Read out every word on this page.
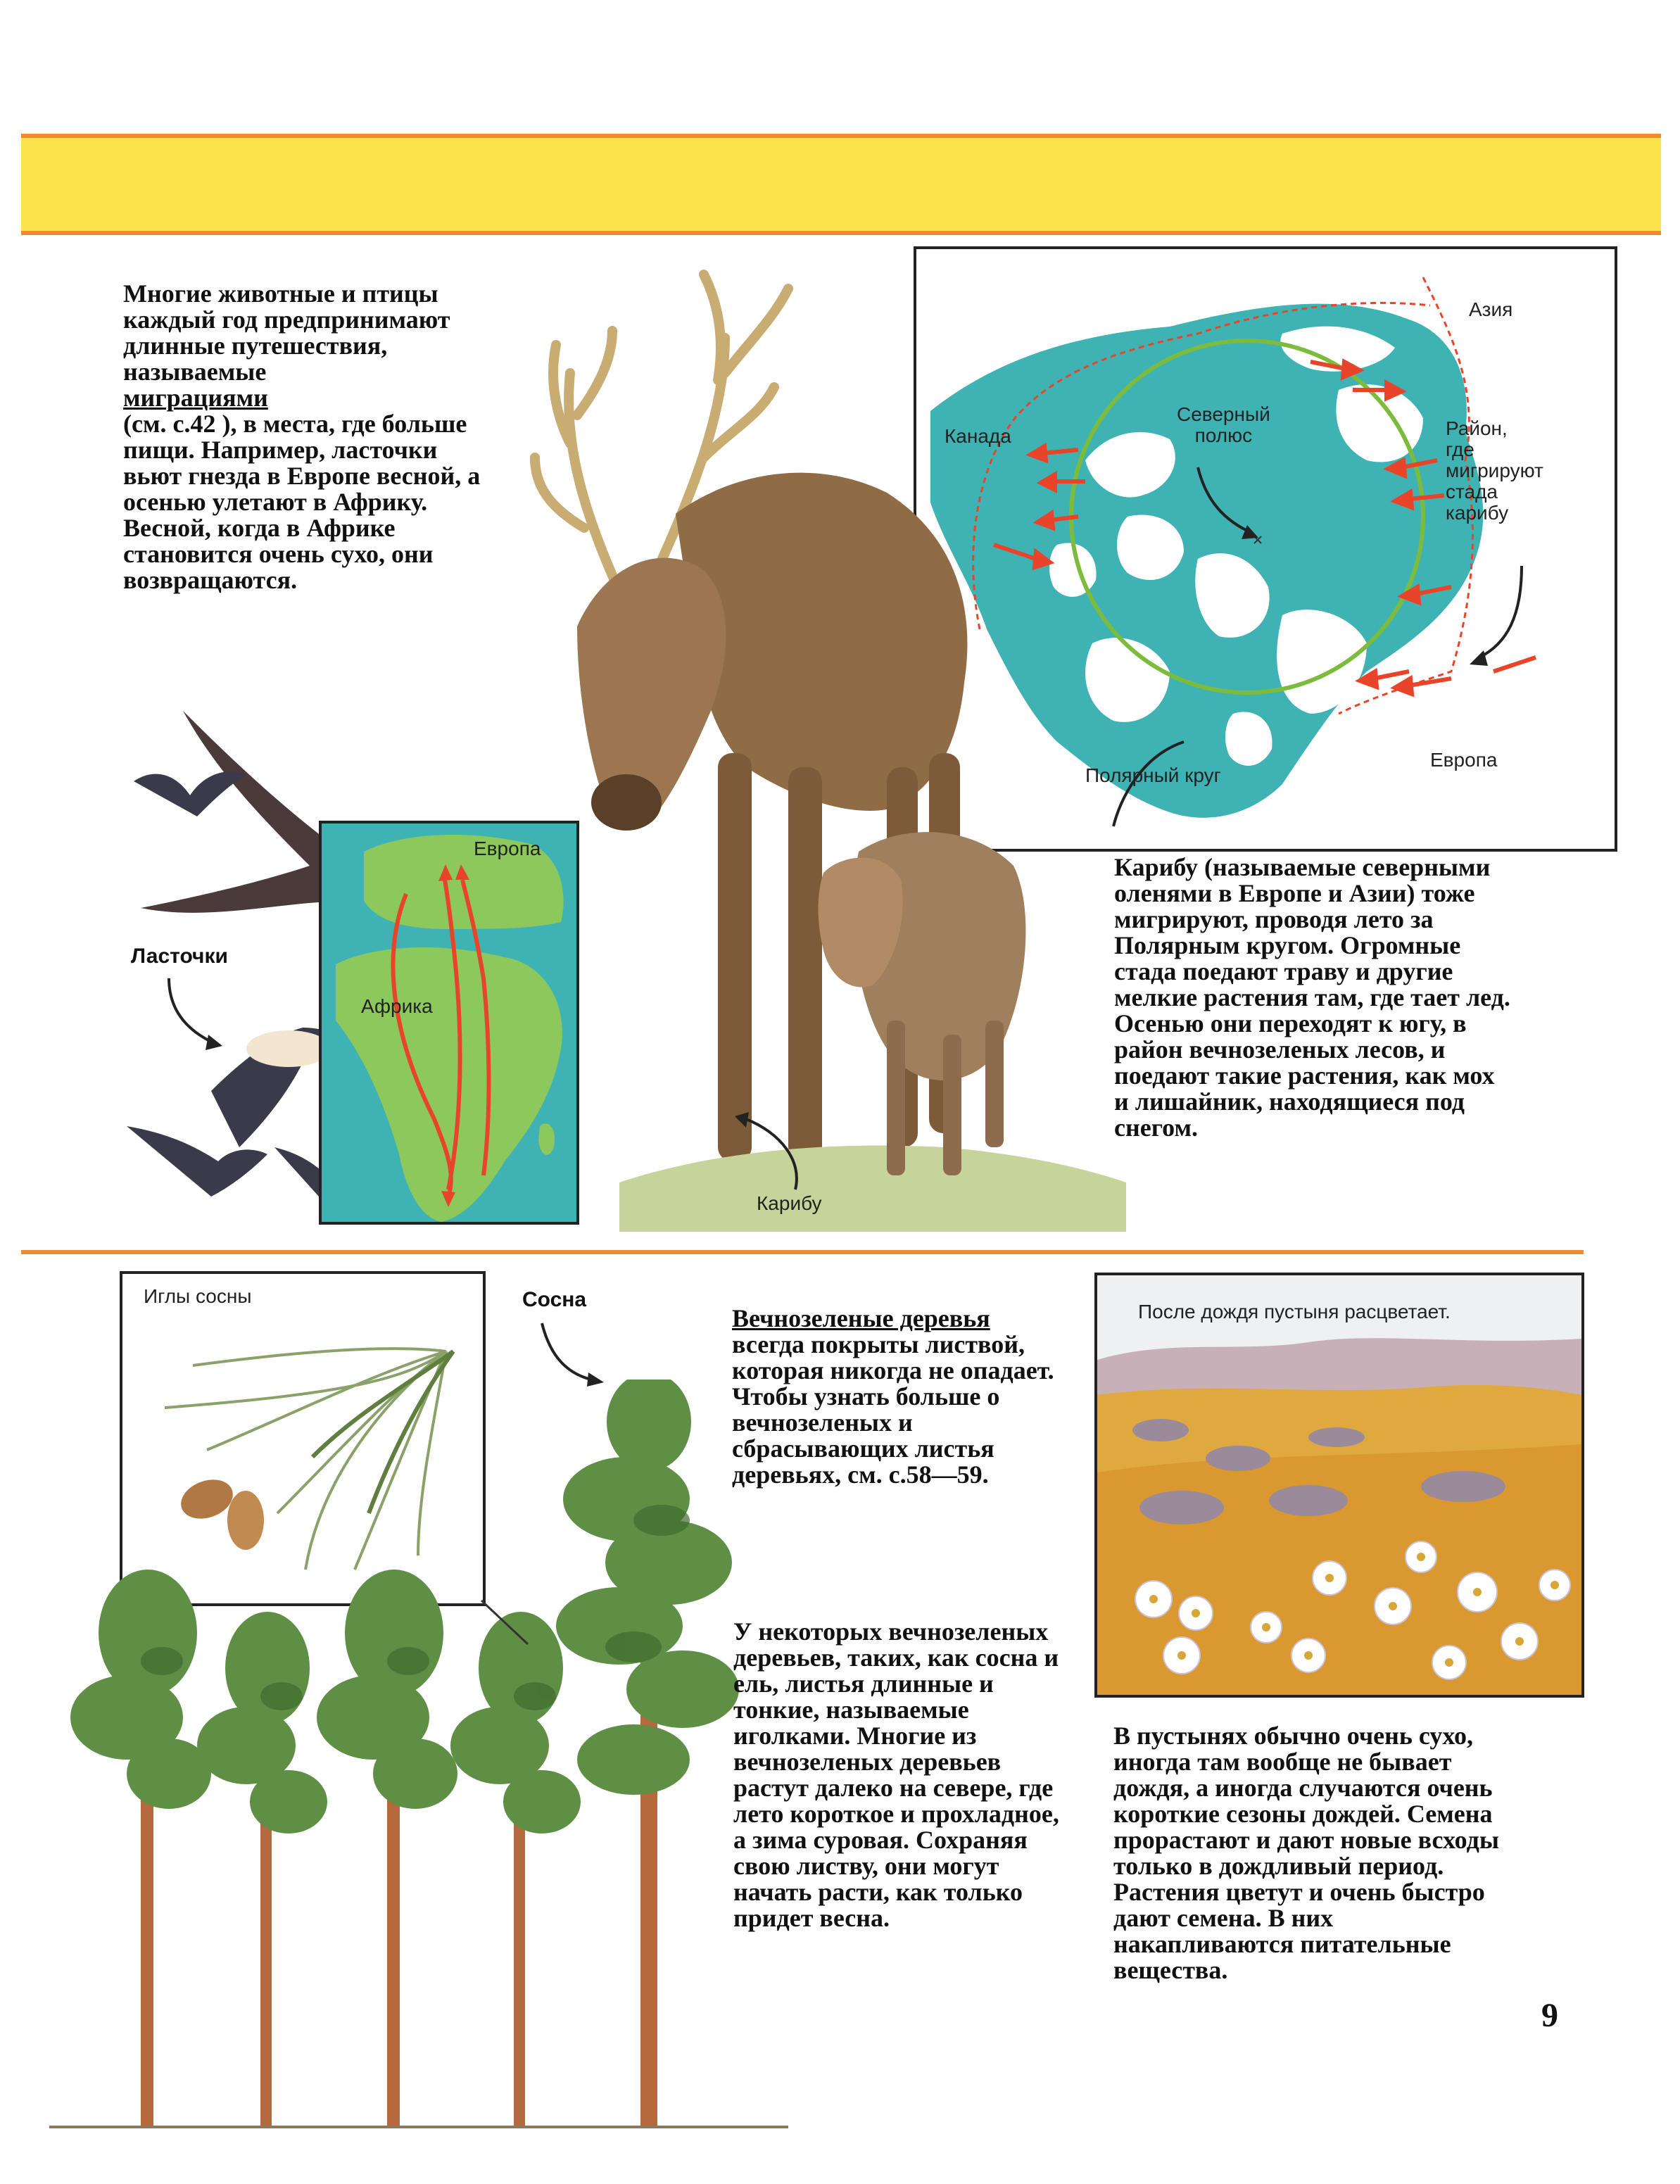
Многие животные и птицы каждый год предпринимают длинные путешествия, называемые
миграциями
(см. с.42 ), в места, где больше пищи. Например, ласточки вьют гнезда в Европе весной, а осенью улетают в Африку. Весной, когда в Африке становится очень сухо, они возвращаются.

Азия
Канада
Северный
полюс	Район,
где
мигрируют
стада
карибу
Европа
Полярный круг
Карибу
Ласточки
Европа
Африка
Карибу (называемые северными оленями в Европе и Азии) тоже мигрируют, проводя лето за Полярным кругом. Огромные стада поедают траву и другие мелкие растения там, где тает лед. Осенью они переходят к югу, в район вечнозеленых лесов, и поедают такие растения, как мох и лишайник, находящиеся под снегом.
Иглы сосны	Сосна

Вечнозеленые деревья
всегда покрыты листвой, которая никогда не опадает. Чтобы узнать больше о вечнозеленых и сбрасывающих листья деревьях, см. с.58—59.

У некоторых вечнозеленых деревьев, таких, как сосна и ель, листья длинные и тонкие, называемые иголками. Многие из вечнозеленых деревьев растут далеко на севере, где лето короткое и прохладное, а зима суровая. Сохраняя свою листву, они могут начать расти, как только придет весна.
После дождя пустыня расцветает.
В пустынях обычно очень сухо, иногда там вообще не бывает дождя, а иногда случаются очень короткие сезоны дождей. Семена прорастают и дают новые всходы только в дождливый период. Растения цветут и очень быстро дают семена. В них накапливаются питательные вещества.
9
